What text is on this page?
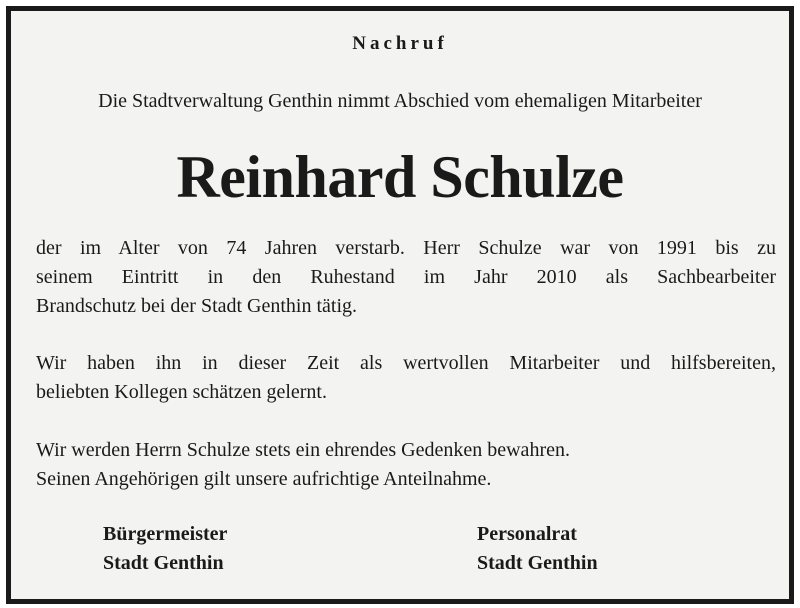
Nachruf
Die Stadtverwaltung Genthin nimmt Abschied vom ehemaligen Mitarbeiter
Reinhard Schulze
der im Alter von 74 Jahren verstarb. Herr Schulze war von 1991 bis zu
seinem Eintritt in den Ruhestand im Jahr 2010 als Sachbearbeiter
Brandschutz bei der Stadt Genthin tätig.
Wir haben ihn in dieser Zeit als wertvollen Mitarbeiter und hilfsbereiten,
beliebten Kollegen schätzen gelernt.
Wir werden Herrn Schulze stets ein ehrendes Gedenken bewahren.
Seinen Angehörigen gilt unsere aufrichtige Anteilnahme.
Bürgermeister
Stadt Genthin
Personalrat
Stadt Genthin
